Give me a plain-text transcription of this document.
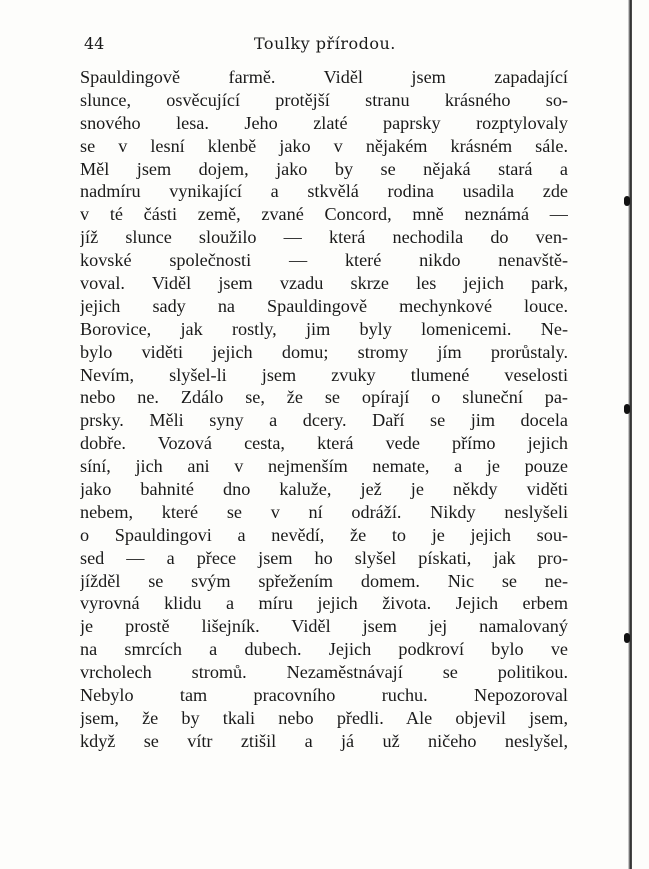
44	Toulky přírodou.
Spauldingově farmě. Viděl jsem zapadající
slunce, osvěcující protější stranu krásného so-
snového lesa. Jeho zlaté paprsky rozptylovaly
se v lesní klenbě jako v nějakém krásném sále.
Měl jsem dojem, jako by se nějaká stará a
nadmíru vynikající a stkvělá rodina usadila zde
v té části země, zvané Concord, mně neznámá —
jíž slunce sloužilo — která nechodila do ven-
kovské společnosti — které nikdo nenavště-
voval. Viděl jsem vzadu skrze les jejich park,
jejich sady na Spauldingově mechynkové louce.
Borovice, jak rostly, jim byly lomenicemi. Ne-
bylo viděti jejich domu; stromy jím prorůstaly.
Nevím, slyšel-li jsem zvuky tlumené veselosti
nebo ne. Zdálo se, že se opírají o sluneční pa-
prsky. Měli syny a dcery. Daří se jim docela
dobře. Vozová cesta, která vede přímo jejich
síní, jich ani v nejmenším nemate, a je pouze
jako bahnité dno kaluže, jež je někdy viděti
nebem, které se v ní odráží. Nikdy neslyšeli
o Spauldingovi a nevědí, že to je jejich sou-
sed — a přece jsem ho slyšel pískati, jak pro-
jížděl se svým spřežením domem. Nic se ne-
vyrovná klidu a míru jejich života. Jejich erbem
je prostě lišejník. Viděl jsem jej namalovaný
na smrcích a dubech. Jejich podkroví bylo ve
vrcholech stromů. Nezaměstnávají se politikou.
Nebylo tam pracovního ruchu. Nepozoroval
jsem, že by tkali nebo předli. Ale objevil jsem,
když se vítr ztišil a já už ničeho neslyšel,
